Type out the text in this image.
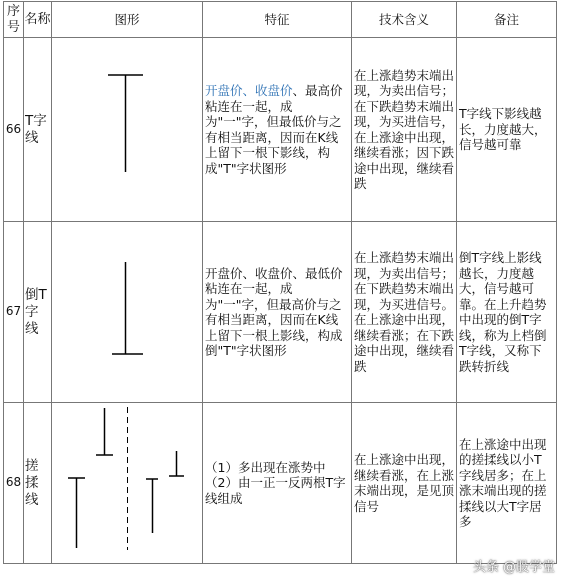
序号	名称	图形	特征	技术含义	备注
66	T字线		开盘价、收盘价、最高价粘连在一起，成为"一"字，但最低价与之有相当距离，因而在K线上留下一根下影线，构成"T"字状图形	在上涨趋势末端出现，为卖出信号；在下跌趋势末端出现，为买进信号，在上涨途中出现，继续看涨；因下跌途中出现，继续看跌	T字线下影线越长，力度越大，信号越可靠
67	倒T字线		开盘价、收盘价、最低价粘连在一起，成为"一"字，但最高价与之有相当距离，因而在K线上留下一根上影线，构成倒"T"字状图形	在上涨趋势末端出现，为卖出信号；在下跌趋势末端出现，为买进信号。在上涨途中出现，继续看涨；在下跌途中出现，继续看跌	倒T字线上影线越长，力度越大，信号越可靠。在上升趋势中出现的倒T字线，称为上档倒T字线，又称下跌转折线
68	搓揉线		（1）多出现在涨势中（2）由一正一反两根T字线组成	在上涨途中出现，继续看涨，在上涨末端出现，是见顶信号	在上涨途中出现的搓揉线以小T字线居多；在上涨末端出现的搓揉线以大T字居多
头条 @股学堂
